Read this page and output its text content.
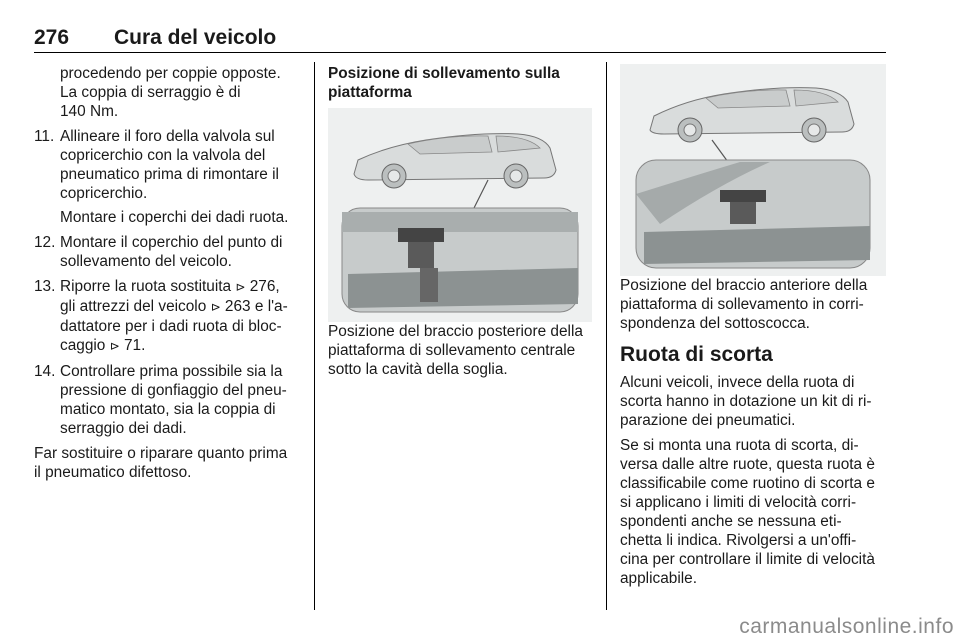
276 Cura del veicolo

procedendo per coppie opposte.
La coppia di serraggio è di
140 Nm.

11. Allineare il foro della valvola sul
copricerchio con la valvola del
pneumatico prima di rimontare il
copricerchio.
Montare i coperchi dei dadi ruota.
12. Montare il coperchio del punto di
sollevamento del veicolo.
13. Riporre la ruota sostituita ⊳ 276,
gli attrezzi del veicolo ⊳ 263 e l'a-
dattatore per i dadi ruota di bloc-
caggio ⊳ 71.
14. Controllare prima possibile sia la
pressione di gonfiaggio del pneu-
matico montato, sia la coppia di
serraggio dei dadi.

Far sostituire o riparare quanto prima
il pneumatico difettoso.

Posizione di sollevamento sulla
piattaforma

Posizione del braccio posteriore della
piattaforma di sollevamento centrale
sotto la cavità della soglia.

Posizione del braccio anteriore della
piattaforma di sollevamento in corri-
spondenza del sottoscocca.

Ruota di scorta

Alcuni veicoli, invece della ruota di
scorta hanno in dotazione un kit di ri-
parazione dei pneumatici.

Se si monta una ruota di scorta, di-
versa dalle altre ruote, questa ruota è
classificabile come ruotino di scorta e
si applicano i limiti di velocità corri-
spondenti anche se nessuna eti-
chetta li indica. Rivolgersi a un'offi-
cina per controllare il limite di velocità
applicabile.

carmanualsonline.info
